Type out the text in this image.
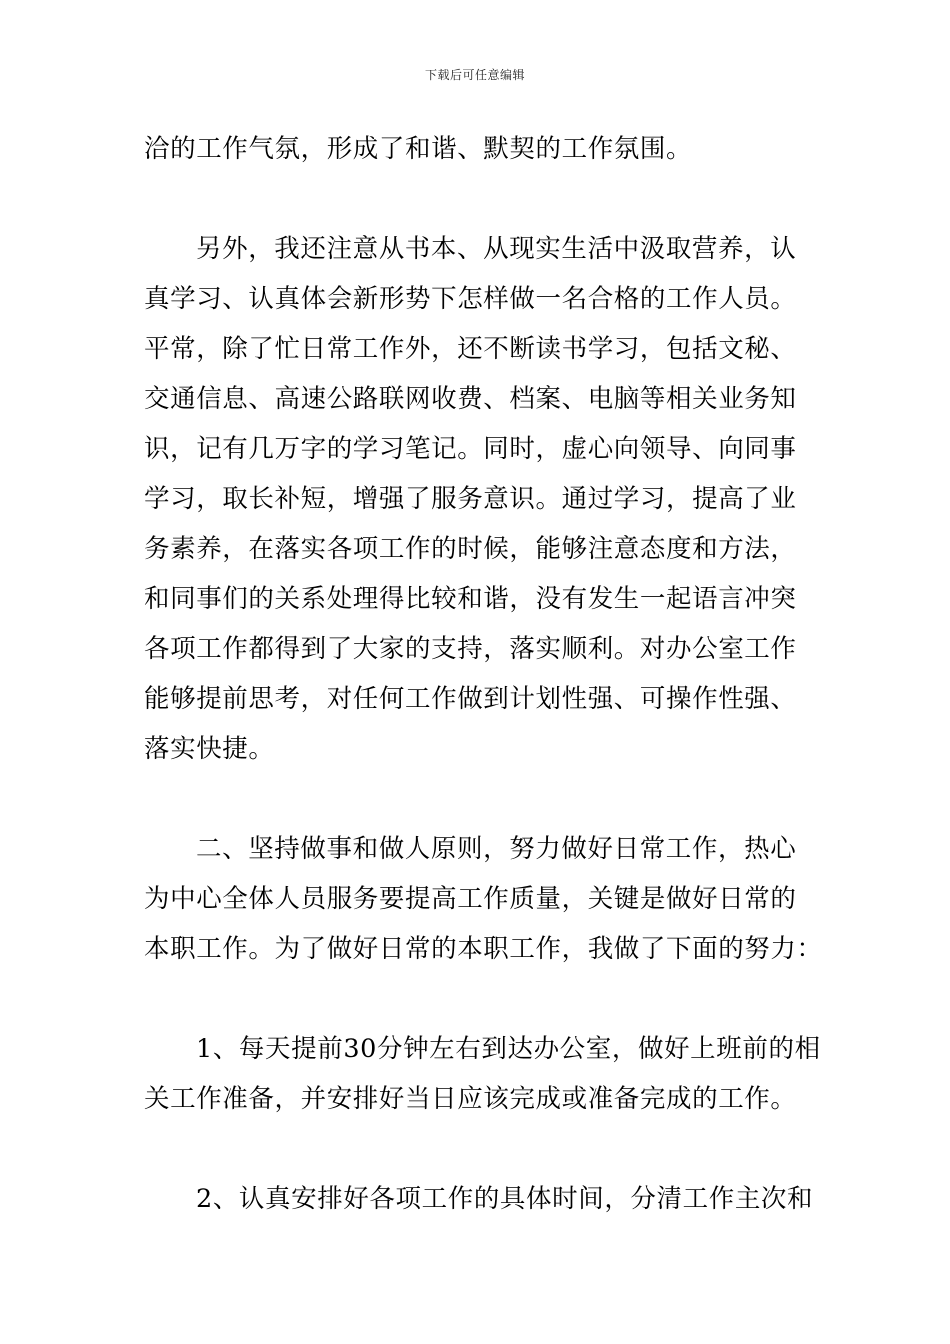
下载后可任意编辑
洽的工作气氛，形成了和谐、默契的工作氛围。
另外，我还注意从书本、从现实生活中汲取营养，认
真学习、认真体会新形势下怎样做一名合格的工作人员。
平常，除了忙日常工作外，还不断读书学习，包括文秘、
交通信息、高速公路联网收费、档案、电脑等相关业务知
识，记有几万字的学习笔记。同时，虚心向领导、向同事
学习，取长补短，增强了服务意识。通过学习，提高了业
务素养，在落实各项工作的时候，能够注意态度和方法，
和同事们的关系处理得比较和谐，没有发生一起语言冲突
各项工作都得到了大家的支持，落实顺利。对办公室工作
能够提前思考，对任何工作做到计划性强、可操作性强、
落实快捷。
二、坚持做事和做人原则，努力做好日常工作，热心
为中心全体人员服务要提高工作质量，关键是做好日常的
本职工作。为了做好日常的本职工作，我做了下面的努力：
1、每天提前30分钟左右到达办公室，做好上班前的相
关工作准备，并安排好当日应该完成或准备完成的工作。
2、认真安排好各项工作的具体时间，分清工作主次和
